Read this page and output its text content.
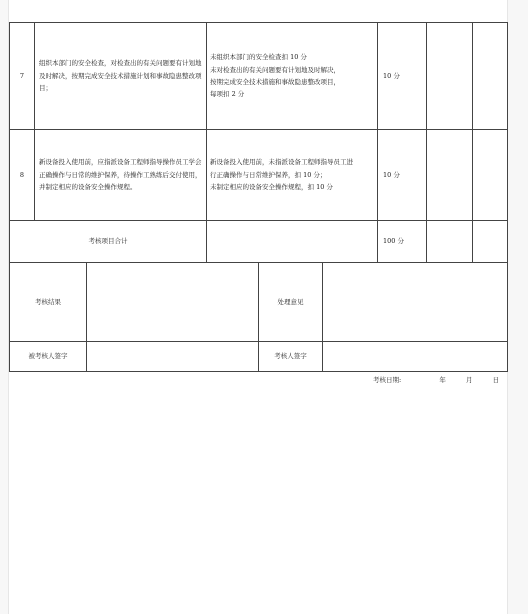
7	组织本部门的安全检查，对检查出的有关问题要有计划地及时解决，按期完成安全技术措施计划和事故隐患整改项目；	未组织本部门的安全检查扣 10 分
未对检查出的有关问题要有计划地及时解决，
按期完成安全技术措施和事故隐患整改项目，
每项扣 2 分	10 分		
8	新设备投入使用前，应指派设备工程师指导操作员工学会正确操作与日常的维护保养，待操作工熟练后交付使用，并制定相应的设备安全操作规程。	新设备投入使用前，未指派设备工程师指导员工进
行正确操作与日常维护保养，扣 10 分；
未制定相应的设备安全操作规程，扣 10 分	10 分		
考核项目合计			100 分		
考核结果		处理意见	
被考核人签字		考核人签字	
考核日期:	年	月	日
